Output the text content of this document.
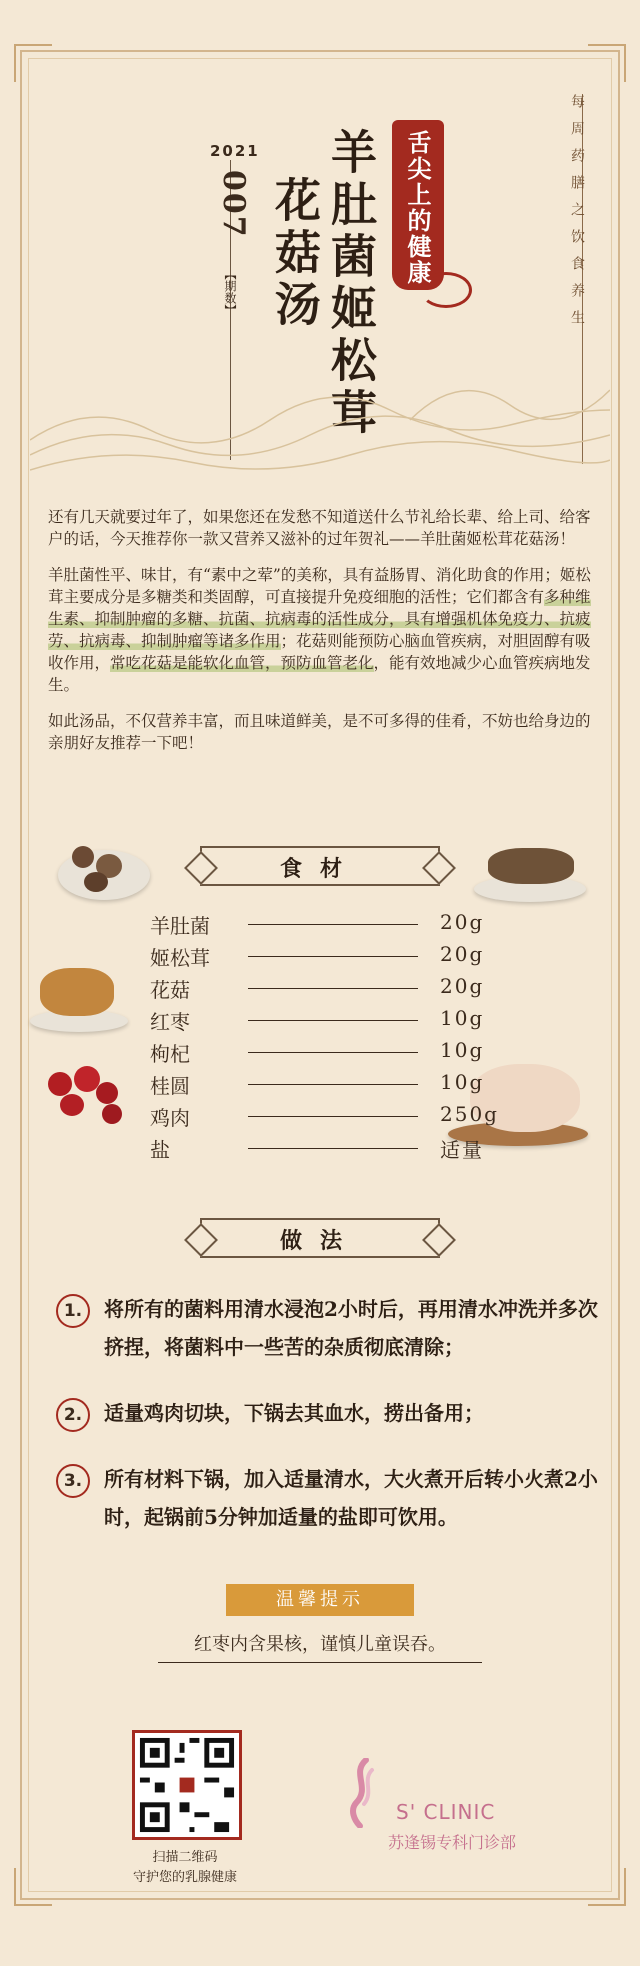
2021
007
【期数】 羊肚菌姬松茸
花菇汤	舌尖上的健康	每周药膳之饮食养生

还有几天就要过年了，如果您还在发愁不知道送什么节礼给长辈、给上司、给客户的话，今天推荐你一款又营养又滋补的过年贺礼——羊肚菌姬松茸花菇汤！

羊肚菌性平、味甘，有“素中之荤”的美称，具有益肠胃、消化助食的作用；姬松茸主要成分是多糖类和类固醇，可直接提升免疫细胞的活性；它们都含有多种维生素、抑制肿瘤的多糖、抗菌、抗病毒的活性成分，具有增强机体免疫力、抗疲劳、抗病毒、抑制肿瘤等诸多作用；花菇则能预防心脑血管疾病，对胆固醇有吸收作用，常吃花菇是能软化血管，预防血管老化，能有效地减少心血管疾病地发生。

如此汤品，不仅营养丰富，而且味道鲜美，是不可多得的佳肴，不妨也给身边的亲朋好友推荐一下吧！

食材
羊肚菌	20g
姬松茸	20g
花菇	20g
红枣	10g
枸杞	10g
桂圆	10g
鸡肉	250g
盐	适量
做法
1.	将所有的菌料用清水浸泡2小时后，再用清水冲洗并多次挤捏，将菌料中一些苦的杂质彻底清除；
2.	适量鸡肉切块，下锅去其血水，捞出备用；
3.	所有材料下锅，加入适量清水，大火煮开后转小火煮2小时，起锅前5分钟加适量的盐即可饮用。
温馨提示
红枣内含果核，谨慎儿童误吞。
扫描二维码
守护您的乳腺健康
S' CLINIC
苏逢锡专科门诊部
